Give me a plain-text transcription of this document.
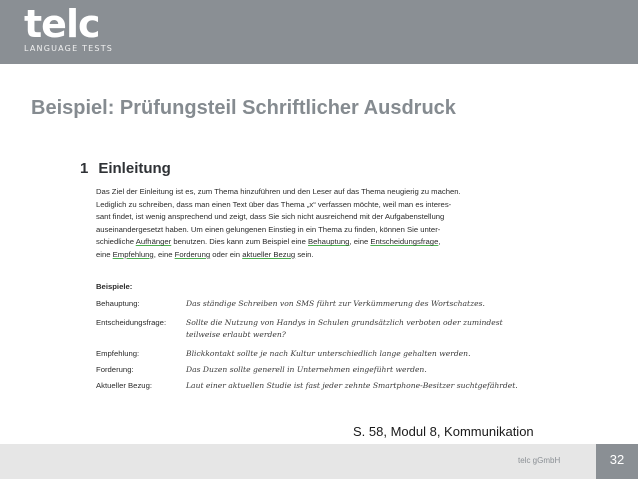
telc
LANGUAGE TESTS
Beispiel: Prüfungsteil Schriftlicher Ausdruck
1 Einleitung
Das Ziel der Einleitung ist es, zum Thema hinzuführen und den Leser auf das Thema neugierig zu machen.
Lediglich zu schreiben, dass man einen Text über das Thema „x“ verfassen möchte, weil man es interes-
sant findet, ist wenig ansprechend und zeigt, dass Sie sich nicht ausreichend mit der Aufgabenstellung
auseinandergesetzt haben. Um einen gelungenen Einstieg in ein Thema zu finden, können Sie unter-
schiedliche Aufhänger benutzen. Dies kann zum Beispiel eine Behauptung, eine Entscheidungsfrage,
eine Empfehlung, eine Forderung oder ein aktueller Bezug sein.
Beispiele:
Behauptung:	Das ständige Schreiben von SMS führt zur Verkümmerung des Wortschatzes.
Entscheidungsfrage:	Sollte die Nutzung von Handys in Schulen grundsätzlich verboten oder zumindest teilweise erlaubt werden?
Empfehlung:	Blickkontakt sollte je nach Kultur unterschiedlich lange gehalten werden.
Forderung:	Das Duzen sollte generell in Unternehmen eingeführt werden.
Aktueller Bezug:	Laut einer aktuellen Studie ist fast jeder zehnte Smartphone-Besitzer suchtgefährdet.
S. 58, Modul 8, Kommunikation
telc gGmbH	32
